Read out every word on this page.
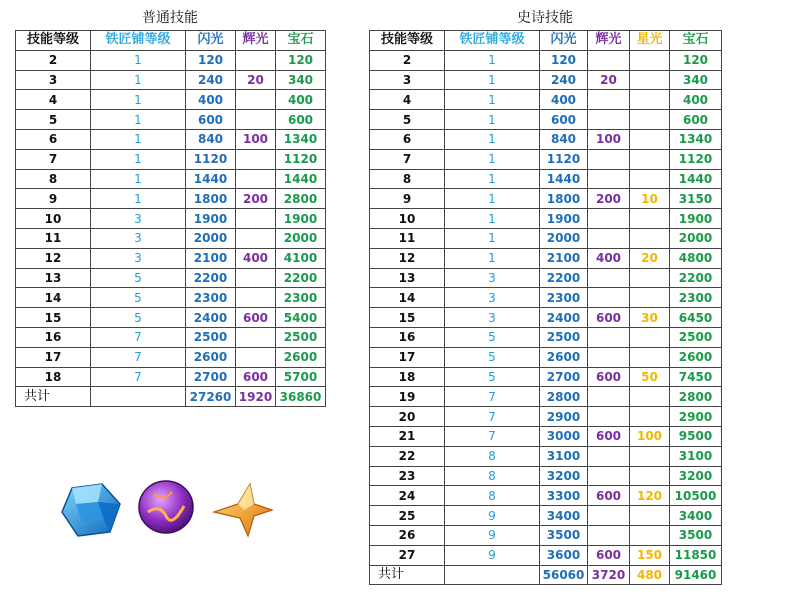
普通技能
技能等级	铁匠铺等级	闪光	辉光	宝石
2	1	120		120
3	1	240	20	340
4	1	400		400
5	1	600		600
6	1	840	100	1340
7	1	1120		1120
8	1	1440		1440
9	1	1800	200	2800
10	3	1900		1900
11	3	2000		2000
12	3	2100	400	4100
13	5	2200		2200
14	5	2300		2300
15	5	2400	600	5400
16	7	2500		2500
17	7	2600		2600
18	7	2700	600	5700
共计		27260	1920	36860
史诗技能
技能等级	铁匠铺等级	闪光	辉光	星光	宝石
2	1	120			120
3	1	240	20		340
4	1	400			400
5	1	600			600
6	1	840	100		1340
7	1	1120			1120
8	1	1440			1440
9	1	1800	200	10	3150
10	1	1900			1900
11	1	2000			2000
12	1	2100	400	20	4800
13	3	2200			2200
14	3	2300			2300
15	3	2400	600	30	6450
16	5	2500			2500
17	5	2600			2600
18	5	2700	600	50	7450
19	7	2800			2800
20	7	2900			2900
21	7	3000	600	100	9500
22	8	3100			3100
23	8	3200			3200
24	8	3300	600	120	10500
25	9	3400			3400
26	9	3500			3500
27	9	3600	600	150	11850
共计		56060	3720	480	91460
